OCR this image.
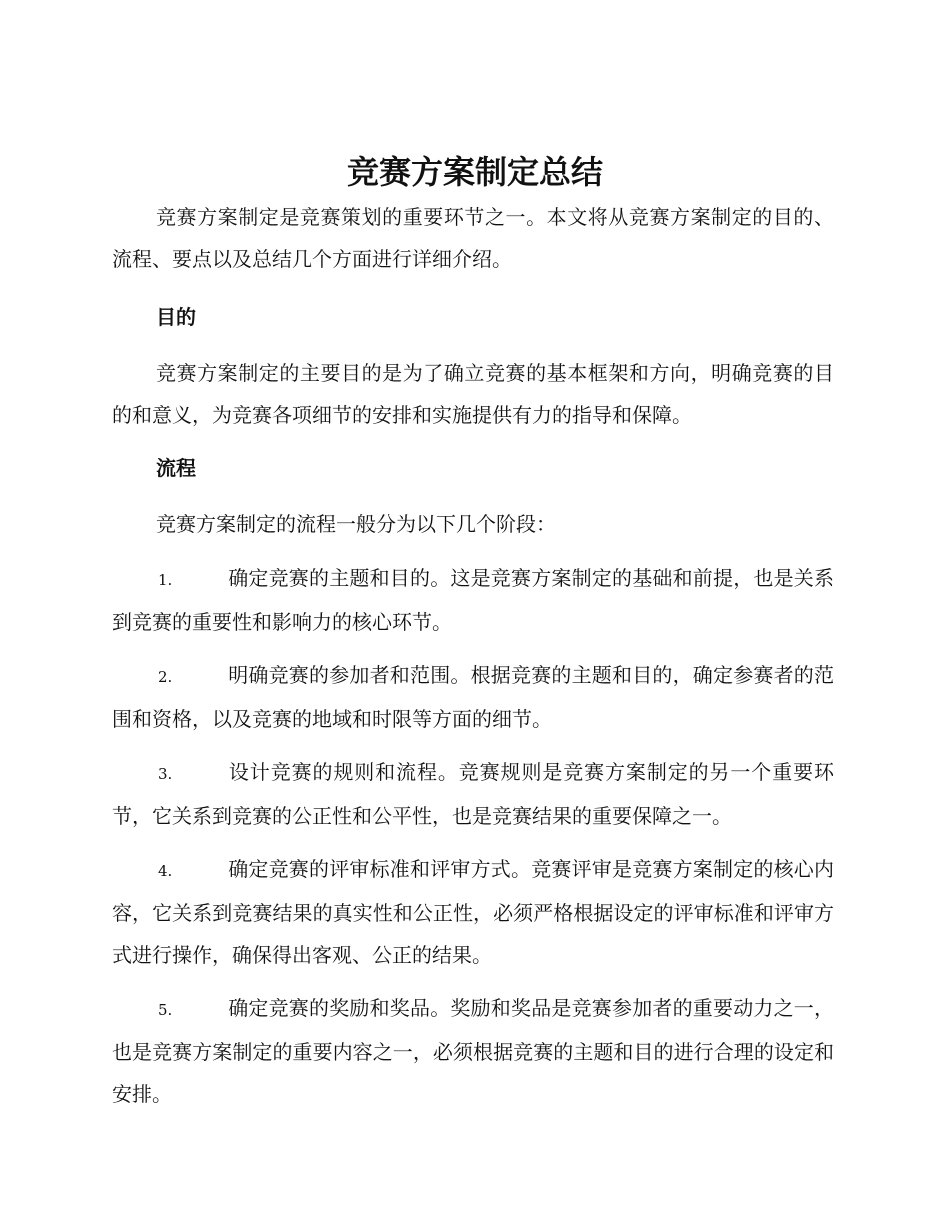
竞赛方案制定总结

竞赛方案制定是竞赛策划的重要环节之一。本文将从竞赛方案制定的目的、流程、要点以及总结几个方面进行详细介绍。

目的

竞赛方案制定的主要目的是为了确立竞赛的基本框架和方向，明确竞赛的目的和意义，为竞赛各项细节的安排和实施提供有力的指导和保障。

流程

竞赛方案制定的流程一般分为以下几个阶段：

1.	确定竞赛的主题和目的。这是竞赛方案制定的基础和前提，也是关系到竞赛的重要性和影响力的核心环节。

2.	明确竞赛的参加者和范围。根据竞赛的主题和目的，确定参赛者的范围和资格，以及竞赛的地域和时限等方面的细节。

3.	设计竞赛的规则和流程。竞赛规则是竞赛方案制定的另一个重要环节，它关系到竞赛的公正性和公平性，也是竞赛结果的重要保障之一。

4.	确定竞赛的评审标准和评审方式。竞赛评审是竞赛方案制定的核心内容，它关系到竞赛结果的真实性和公正性，必须严格根据设定的评审标准和评审方式进行操作，确保得出客观、公正的结果。

5.	确定竞赛的奖励和奖品。奖励和奖品是竞赛参加者的重要动力之一，也是竞赛方案制定的重要内容之一，必须根据竞赛的主题和目的进行合理的设定和安排。
